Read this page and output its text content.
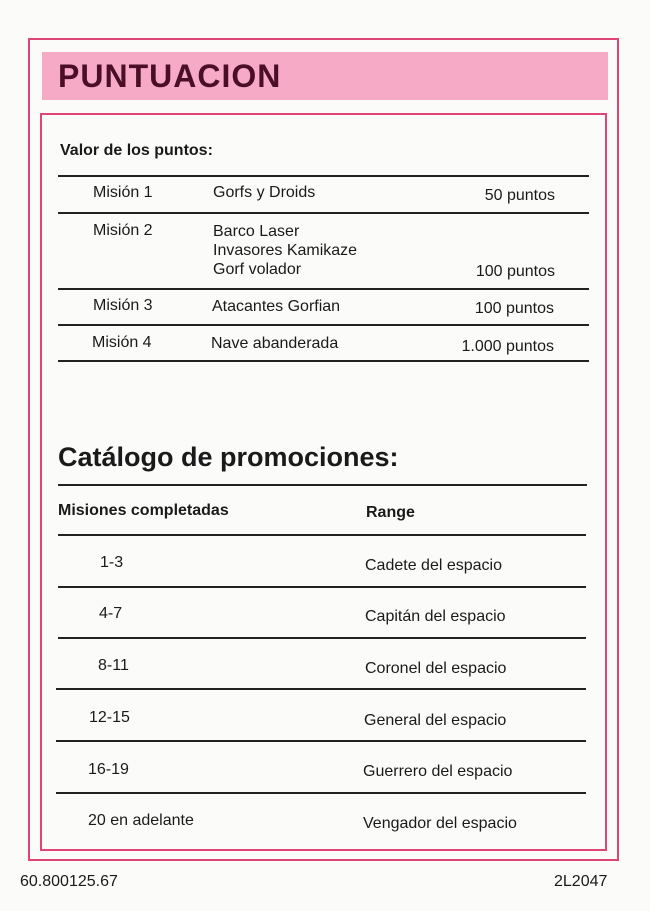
PUNTUACION
Valor de los puntos:
Misión 1	Gorfs y Droids	50 puntos
Misión 2	Barco Laser
Invasores Kamikaze
Gorf volador	100 puntos
Misión 3	Atacantes Gorfian	100 puntos
Misión 4	Nave abanderada	1.000 puntos
Catálogo de promociones:
Misiones completadas	Range
1-3	Cadete del espacio
4-7	Capitán del espacio
8-11	Coronel del espacio
12-15	General del espacio
16-19	Guerrero del espacio
20 en adelante	Vengador del espacio
60.800125.67	2L2047
